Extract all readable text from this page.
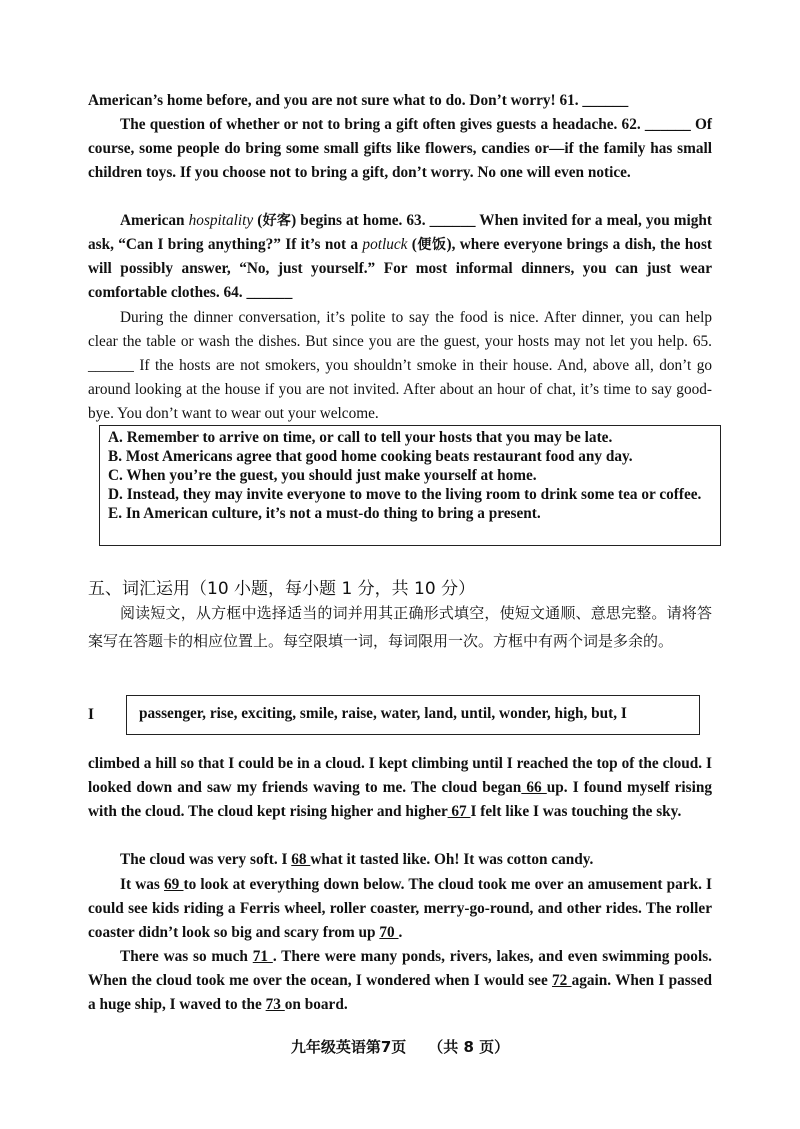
American’s home before, and you are not sure what to do. Don’t worry! 61. ______

The question of whether or not to bring a gift often gives guests a headache. 62. ______ Of course, some people do bring some small gifts like flowers, candies or—if the family has small children toys. If you choose not to bring a gift, don’t worry. No one will even notice.

American hospitality (好客) begins at home. 63. ______ When invited for a meal, you might ask, “Can I bring anything?” If it’s not a potluck (便饭), where everyone brings a dish, the host will possibly answer, “No, just yourself.” For most informal dinners, you can just wear comfortable clothes. 64. ______

During the dinner conversation, it’s polite to say the food is nice. After dinner, you can help clear the table or wash the dishes. But since you are the guest, your hosts may not let you help. 65. ______ If the hosts are not smokers, you shouldn’t smoke in their house. And, above all, don’t go around looking at the house if you are not invited. After about an hour of chat, it’s time to say good-bye. You don’t want to wear out your welcome.

A. Remember to arrive on time, or call to tell your hosts that you may be late.
B. Most Americans agree that good home cooking beats restaurant food any day.
C. When you’re the guest, you should just make yourself at home.
D. Instead, they may invite everyone to move to the living room to drink some tea or coffee.
E. In American culture, it’s not a must-do thing to bring a present.

五、词汇运用（10 小题，每小题 1 分，共 10 分）

阅读短文，从方框中选择适当的词并用其正确形式填空，使短文通顺、意思完整。请将答案写在答题卡的相应位置上。每空限填一词，每词限用一次。方框中有两个词是多余的。

I	passenger, rise, exciting, smile, raise, water, land, until, wonder, high, but, I

climbed a hill so that I could be in a cloud. I kept climbing until I reached the top of the cloud. I looked down and saw my friends waving to me. The cloud began 66 up. I found myself rising with the cloud. The cloud kept rising higher and higher 67 I felt like I was touching the sky.

The cloud was very soft. I 68 what it tasted like. Oh! It was cotton candy.

It was 69 to look at everything down below. The cloud took me over an amusement park. I could see kids riding a Ferris wheel, roller coaster, merry-go-round, and other rides. The roller coaster didn’t look so big and scary from up 70 .

There was so much 71 . There were many ponds, rivers, lakes, and even swimming pools. When the cloud took me over the ocean, I wondered when I would see 72 again. When I passed a huge ship, I waved to the 73 on board.

九年级英语第7页 （共 8 页）
